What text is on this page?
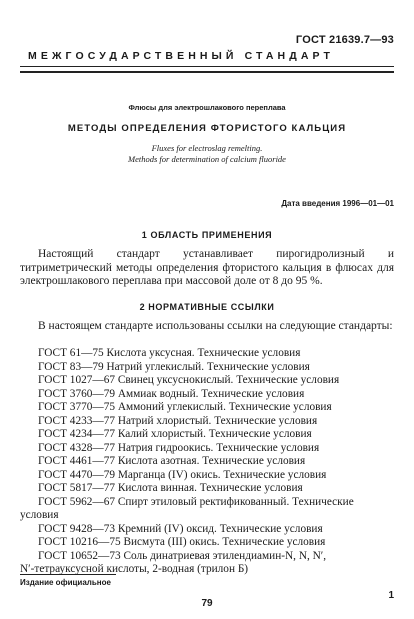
ГОСТ 21639.7—93
МЕЖГОСУДАРСТВЕННЫЙ СТАНДАРТ
Флюсы для электрошлакового переплава
МЕТОДЫ ОПРЕДЕЛЕНИЯ ФТОРИСТОГО КАЛЬЦИЯ
Fluxes for electroslag remelting.
Methods for determination of calcium fluoride
Дата введения 1996—01—01
1 ОБЛАСТЬ ПРИМЕНЕНИЯ
Настоящий стандарт устанавливает пирогидролизный и титриметрический методы определения фтористого кальция в флюсах для электрошлакового переплава при массовой доле от 8 до 95 %.
2 НОРМАТИВНЫЕ ССЫЛКИ
В настоящем стандарте использованы ссылки на следующие стандарты:
ГОСТ 61—75 Кислота уксусная. Технические условия
ГОСТ 83—79 Натрий углекислый. Технические условия
ГОСТ 1027—67 Свинец уксуснокислый. Технические условия
ГОСТ 3760—79 Аммиак водный. Технические условия
ГОСТ 3770—75 Аммоний углекислый. Технические условия
ГОСТ 4233—77 Натрий хлористый. Технические условия
ГОСТ 4234—77 Калий хлористый. Технические условия
ГОСТ 4328—77 Натрия гидроокись. Технические условия
ГОСТ 4461—77 Кислота азотная. Технические условия
ГОСТ 4470—79 Марганца (IV) окись. Технические условия
ГОСТ 5817—77 Кислота винная. Технические условия
ГОСТ 5962—67 Спирт этиловый ректификованный. Технические
условия
ГОСТ 9428—73 Кремний (IV) оксид. Технические условия
ГОСТ 10216—75 Висмута (III) окись. Технические условия
ГОСТ 10652—73 Соль динатриевая этилендиамин-N, N, N′,
N′-тетрауксусной кислоты, 2-водная (трилон Б)
Издание официальное
79
1
